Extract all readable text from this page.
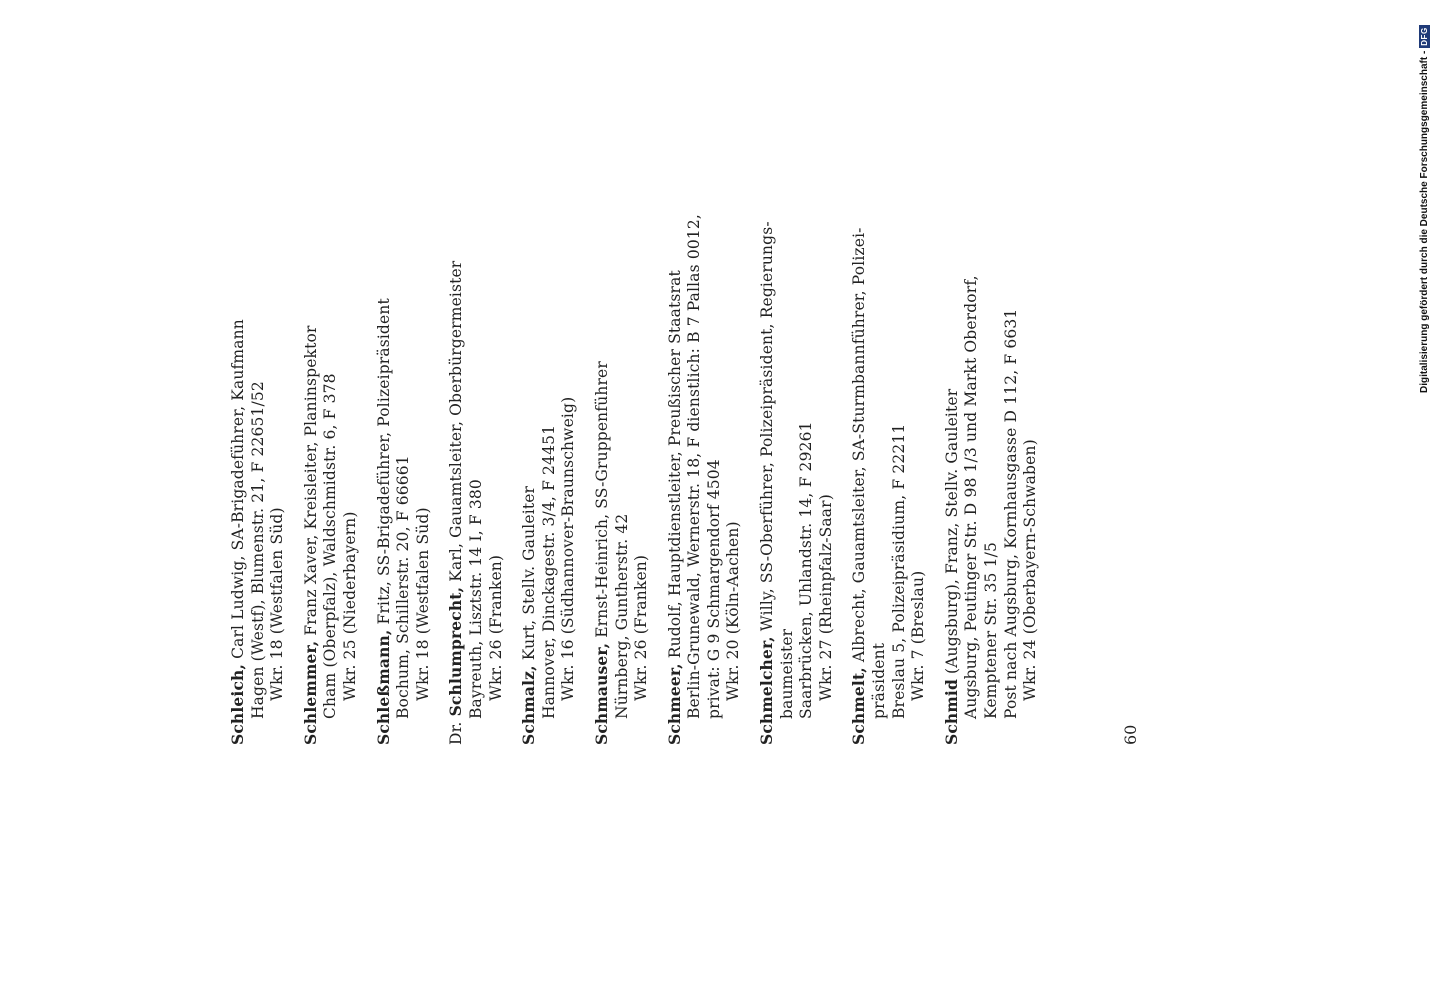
Schleich, Carl Ludwig, SA-Brigadeführer, Kaufmann Hagen (Westf), Blumenstr. 21, F 22651/52 Wkr. 18 (Westfalen Süd) Schlemmer, Franz Xaver, Kreisleiter, Planinspektor Cham (Oberpfalz), Waldschmidstr. 6, F 378 Wkr. 25 (Niederbayern) Schleßmann, Fritz, SS-Brigadeführer, Polizeipräsident Bochum, Schillerstr. 20, F 66661 Wkr. 18 (Westfalen Süd)
Dr. Schlumprecht, Karl, Gauamtsleiter, Oberbürgermeister
Bayreuth, Lisztstr. 14 I, F 380 Wkr. 26 (Franken)
Schmalz, Kurt, Stellv. Gauleiter Hannover, Dinckagestr. 3/4, F 24451 Wkr. 16 (Südhannover-Braunschweig) Schmauser, Ernst-Heinrich, SS-Gruppenführer Nürnberg, Guntherstr. 42 Wkr. 26 (Franken)
Schmeer, Rudolf, Hauptdienstleiter, Preußischer Staatsrat Berlin-Grunewald, Wernerstr. 18, F dienstlich: B 7 Pallas 0012, privat: G 9 Schmargendorf 4504 Wkr. 20 (Köln-Aachen) Schmelcher, Willy, SS-Oberführer, Polizeipräsident, Regierungs-
baumeister Saarbrücken, Uhlandstr. 14, F 29261 Wkr. 27 (Rheinpfalz-Saar)
Schmelt, Albrecht, Gauamtsleiter, SA-Sturmbannführer, Polizei-
präsident Breslau 5, Polizeipräsidium, F 22211 Wkr. 7 (Breslau)
Schmid (Augsburg), Franz, Stellv. Gauleiter Augsburg, Peutinger Str. D 98 1/3 und Markt Oberdorf, Kemptener Str. 35 1/5 Post nach Augsburg, Kornhausgasse D 112, F 6631 Wkr. 24 (Oberbayern-Schwaben)
60
Digitalisierung gefördert durch die Deutsche Forschungsgemeinschaft -
DFG
